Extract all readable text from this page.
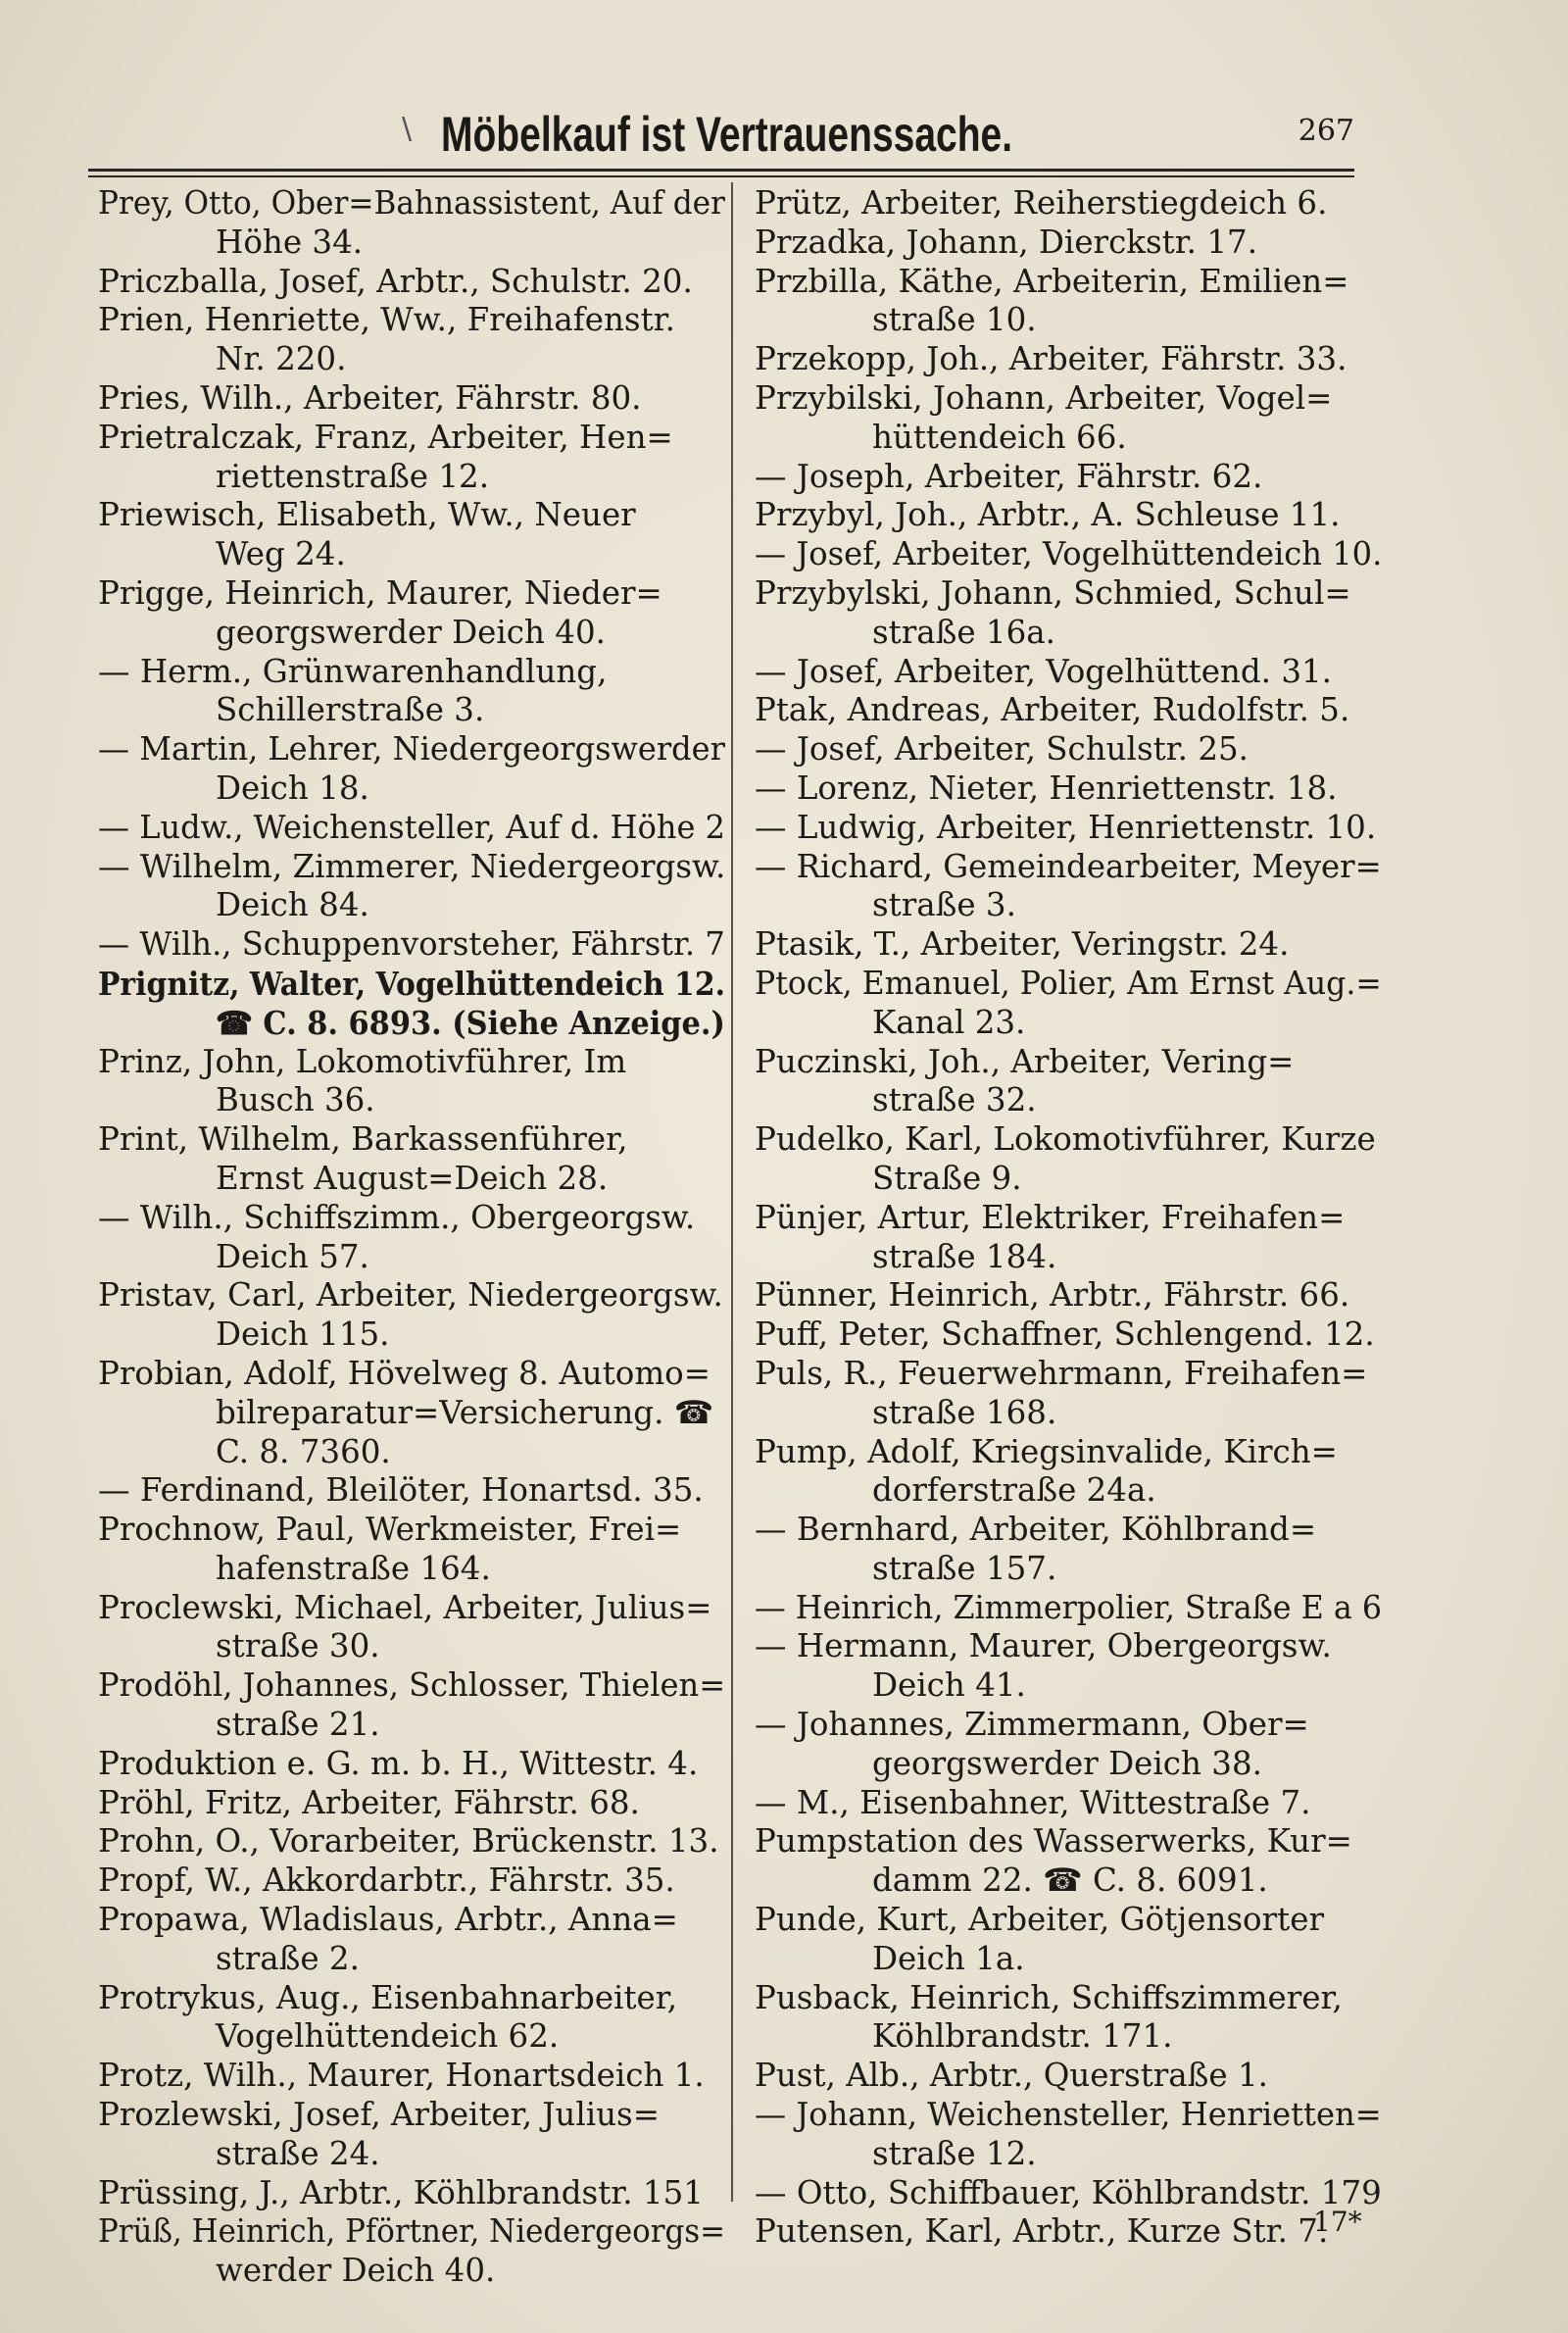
\ Möbelkauf ist Vertrauenssache.	267
Prey, Otto, Ober=Bahnassistent, Auf der
Höhe 34.
Priczballa, Josef, Arbtr., Schulstr. 20.
Prien, Henriette, Ww., Freihafenstr.
Nr. 220.
Pries, Wilh., Arbeiter, Fährstr. 80.
Prietralczak, Franz, Arbeiter, Hen=
riettenstraße 12.
Priewisch, Elisabeth, Ww., Neuer
Weg 24.
Prigge, Heinrich, Maurer, Nieder=
georgswerder Deich 40.
— Herm., Grünwarenhandlung,
Schillerstraße 3.
— Martin, Lehrer, Niedergeorgswerder
Deich 18.
— Ludw., Weichensteller, Auf d. Höhe 2
— Wilhelm, Zimmerer, Niedergeorgsw.
Deich 84.
— Wilh., Schuppenvorsteher, Fährstr. 7
Prignitz, Walter, Vogelhüttendeich 12.
☎ C. 8. 6893. (Siehe Anzeige.)
Prinz, John, Lokomotivführer, Im
Busch 36.
Print, Wilhelm, Barkassenführer,
Ernst August=Deich 28.
— Wilh., Schiffszimm., Obergeorgsw.
Deich 57.
Pristav, Carl, Arbeiter, Niedergeorgsw.
Deich 115.
Probian, Adolf, Hövelweg 8. Automo=
bilreparatur=Versicherung. ☎
C. 8. 7360.
— Ferdinand, Bleilöter, Honartsd. 35.
Prochnow, Paul, Werkmeister, Frei=
hafenstraße 164.
Proclewski, Michael, Arbeiter, Julius=
straße 30.
Prodöhl, Johannes, Schlosser, Thielen=
straße 21.
Produktion e. G. m. b. H., Wittestr. 4.
Pröhl, Fritz, Arbeiter, Fährstr. 68.
Prohn, O., Vorarbeiter, Brückenstr. 13.
Propf, W., Akkordarbtr., Fährstr. 35.
Propawa, Wladislaus, Arbtr., Anna=
straße 2.
Protrykus, Aug., Eisenbahnarbeiter,
Vogelhüttendeich 62.
Protz, Wilh., Maurer, Honartsdeich 1.
Prozlewski, Josef, Arbeiter, Julius=
straße 24.
Prüssing, J., Arbtr., Köhlbrandstr. 151
Prüß, Heinrich, Pförtner, Niedergeorgs=
werder Deich 40.
Prütz, Arbeiter, Reiherstiegdeich 6.
Przadka, Johann, Dierckstr. 17.
Przbilla, Käthe, Arbeiterin, Emilien=
straße 10.
Przekopp, Joh., Arbeiter, Fährstr. 33.
Przybilski, Johann, Arbeiter, Vogel=
hüttendeich 66.
— Joseph, Arbeiter, Fährstr. 62.
Przybyl, Joh., Arbtr., A. Schleuse 11.
— Josef, Arbeiter, Vogelhüttendeich 10.
Przybylski, Johann, Schmied, Schul=
straße 16a.
— Josef, Arbeiter, Vogelhüttend. 31.
Ptak, Andreas, Arbeiter, Rudolfstr. 5.
— Josef, Arbeiter, Schulstr. 25.
— Lorenz, Nieter, Henriettenstr. 18.
— Ludwig, Arbeiter, Henriettenstr. 10.
— Richard, Gemeindearbeiter, Meyer=
straße 3.
Ptasik, T., Arbeiter, Veringstr. 24.
Ptock, Emanuel, Polier, Am Ernst Aug.=
Kanal 23.
Puczinski, Joh., Arbeiter, Vering=
straße 32.
Pudelko, Karl, Lokomotivführer, Kurze
Straße 9.
Pünjer, Artur, Elektriker, Freihafen=
straße 184.
Pünner, Heinrich, Arbtr., Fährstr. 66.
Puff, Peter, Schaffner, Schlengend. 12.
Puls, R., Feuerwehrmann, Freihafen=
straße 168.
Pump, Adolf, Kriegsinvalide, Kirch=
dorferstraße 24a.
— Bernhard, Arbeiter, Köhlbrand=
straße 157.
— Heinrich, Zimmerpolier, Straße E a 6
— Hermann, Maurer, Obergeorgsw.
Deich 41.
— Johannes, Zimmermann, Ober=
georgswerder Deich 38.
— M., Eisenbahner, Wittestraße 7.
Pumpstation des Wasserwerks, Kur=
damm 22. ☎ C. 8. 6091.
Punde, Kurt, Arbeiter, Götjensorter
Deich 1a.
Pusback, Heinrich, Schiffszimmerer,
Köhlbrandstr. 171.
Pust, Alb., Arbtr., Querstraße 1.
— Johann, Weichensteller, Henrietten=
straße 12.
— Otto, Schiffbauer, Köhlbrandstr. 179
Putensen, Karl, Arbtr., Kurze Str. 7.
17*
